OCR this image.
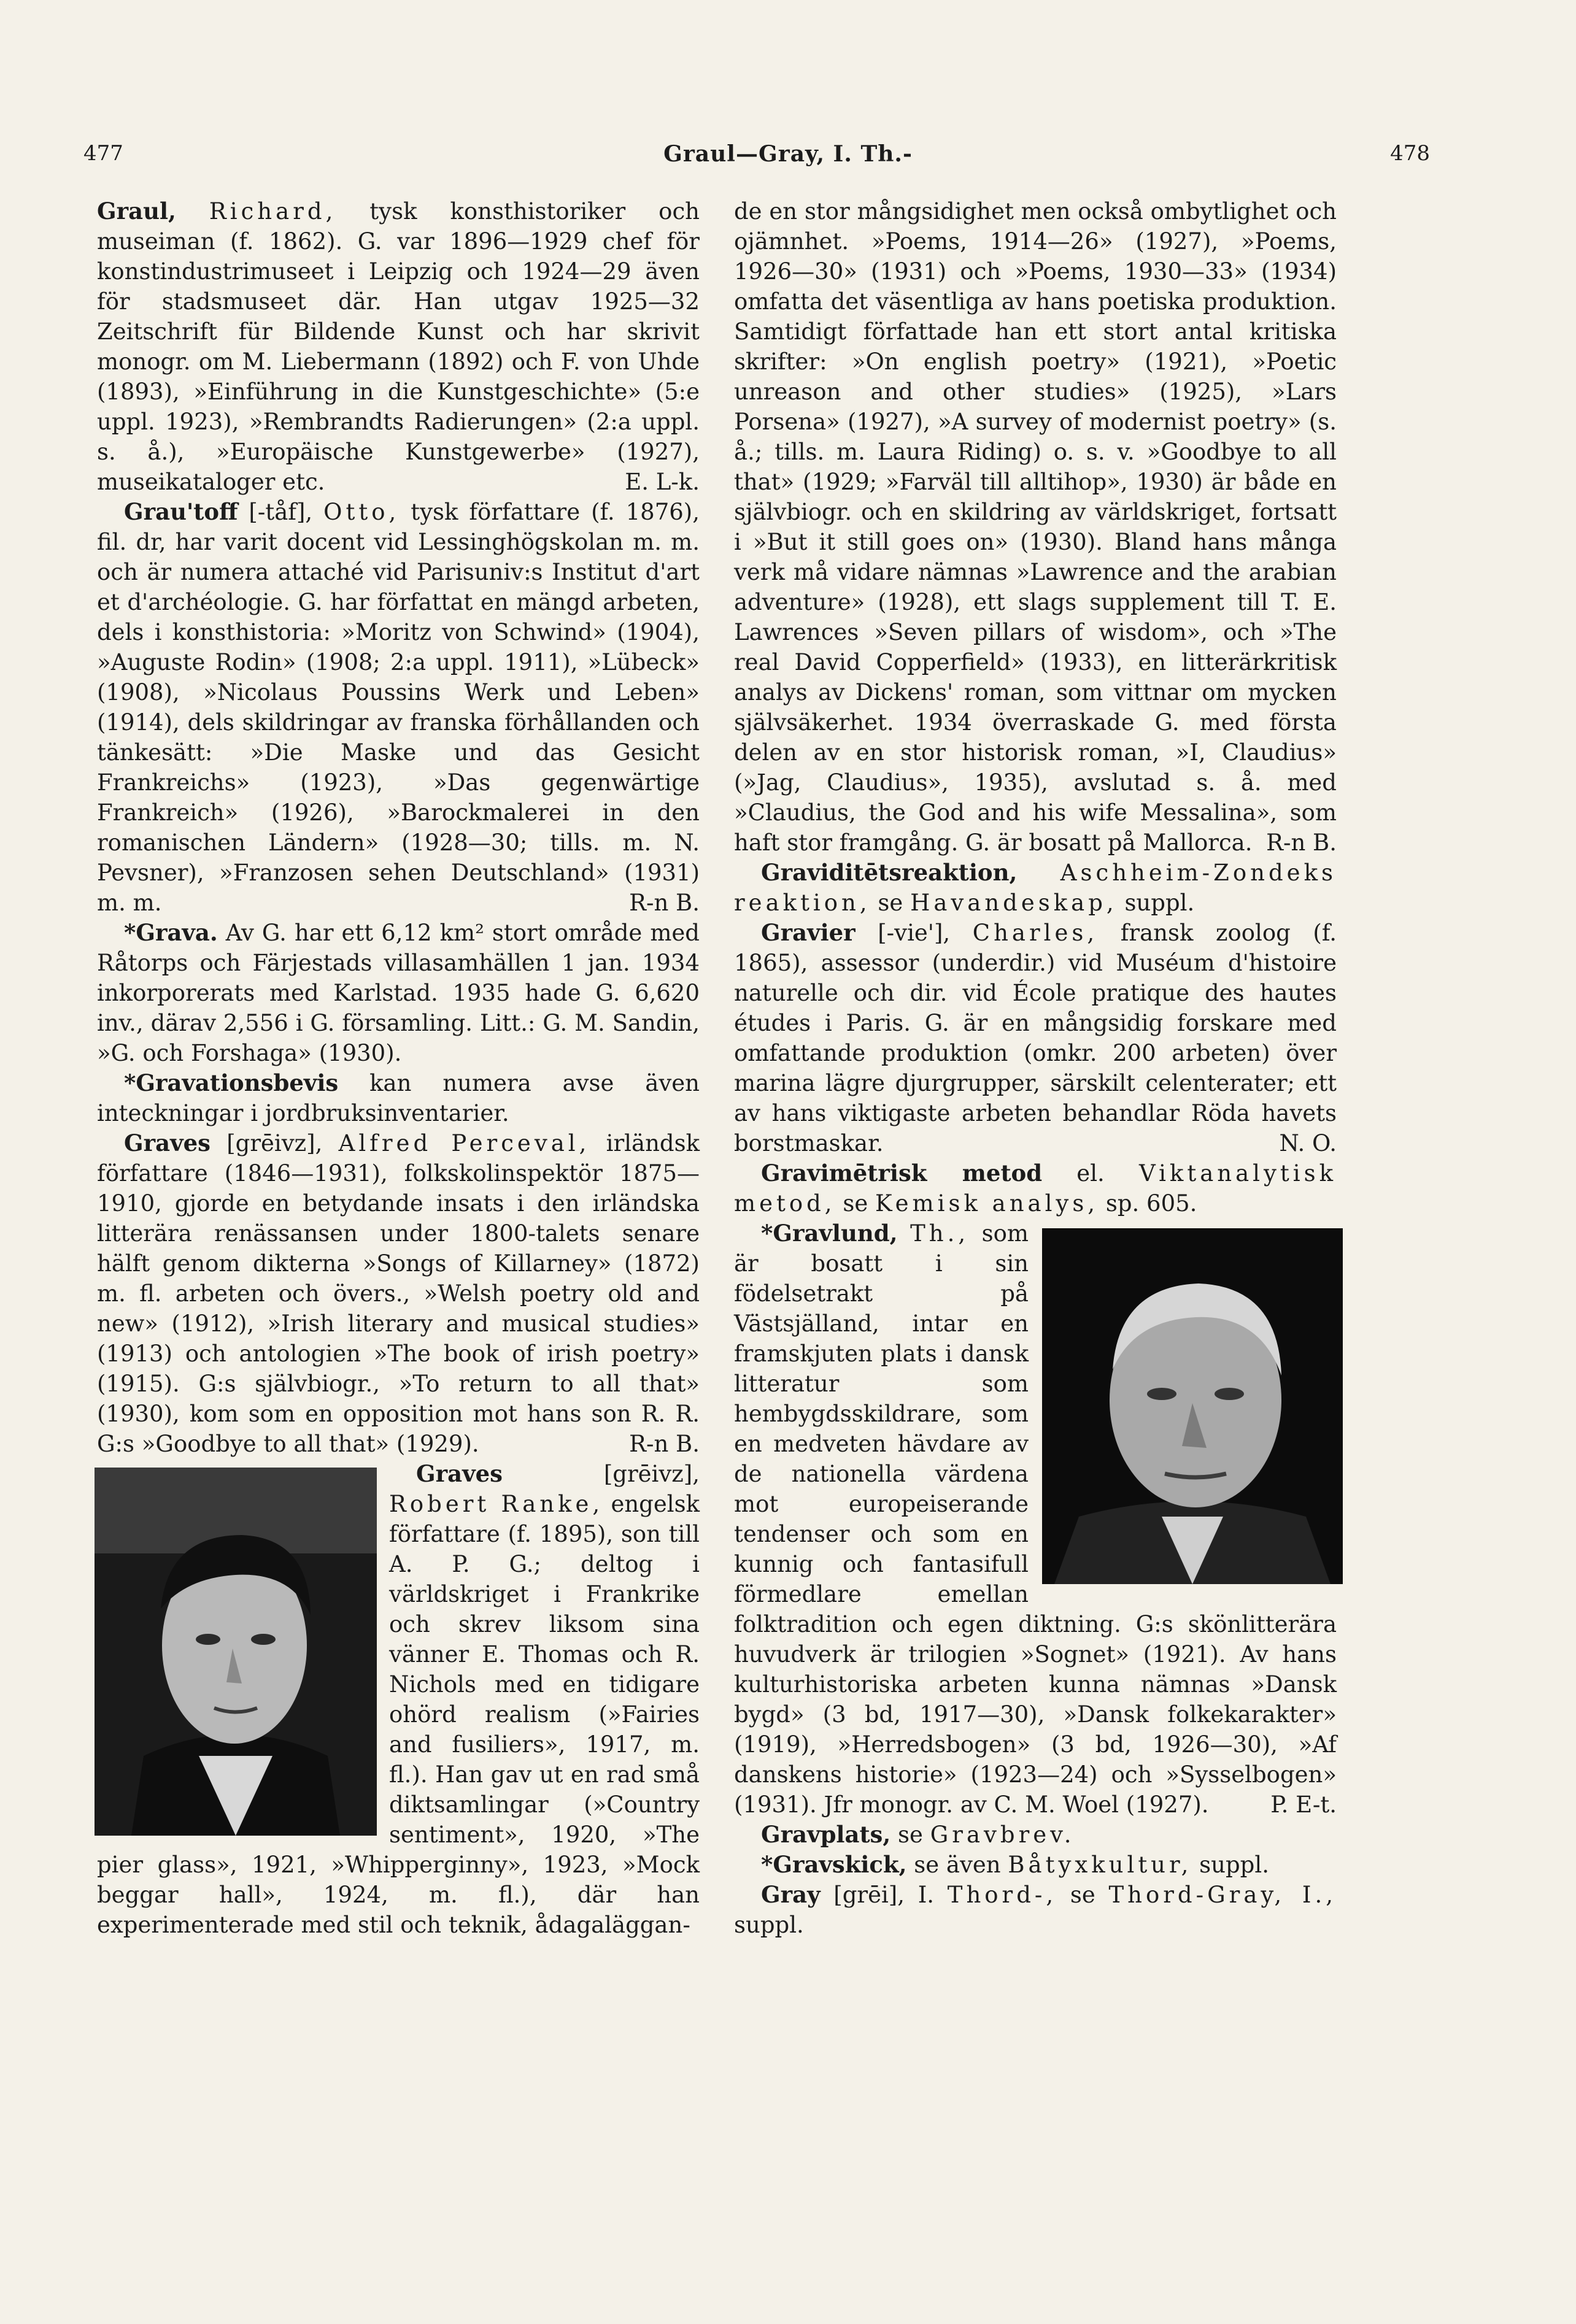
477	Graul—Gray, I. Th.-	478

Graul, Richard, tysk konsthistoriker och museiman (f. 1862). G. var 1896—1929 chef för konstindustrimuseet i Leipzig och 1924—29 även för stadsmuseet där. Han utgav 1925—32 Zeitschrift für Bildende Kunst och har skrivit monogr. om M. Liebermann (1892) och F. von Uhde (1893), »Einführung in die Kunstgeschichte» (5:e uppl. 1923), »Rembrandts Radierungen» (2:a uppl. s. å.), »Europäische Kunstgewerbe» (1927), museikataloger etc.	E. L-k.

Grau'toff [-tåf], Otto, tysk författare (f. 1876), fil. dr, har varit docent vid Lessinghögskolan m. m. och är numera attaché vid Parisuniv:s Institut d'art et d'archéologie. G. har författat en mängd arbeten, dels i konsthistoria: »Moritz von Schwind» (1904), »Auguste Rodin» (1908; 2:a uppl. 1911), »Lübeck» (1908), »Nicolaus Poussins Werk und Leben» (1914), dels skildringar av franska förhållanden och tänkesätt: »Die Maske und das Gesicht Frankreichs» (1923), »Das gegenwärtige Frankreich» (1926), »Barockmalerei in den romanischen Ländern» (1928—30; tills. m. N. Pevsner), »Franzosen sehen Deutschland» (1931) m. m.	R-n B.

*Grava. Av G. har ett 6,12 km² stort område med Råtorps och Färjestads villasamhällen 1 jan. 1934 inkorporerats med Karlstad. 1935 hade G. 6,620 inv., därav 2,556 i G. församling. Litt.: G. M. Sandin, »G. och Forshaga» (1930).

*Gravationsbevis kan numera avse även inteckningar i jordbruksinventarier.

Graves [grēivz], Alfred Perceval, irländsk författare (1846—1931), folkskolinspektör 1875—1910, gjorde en betydande insats i den irländska litterära renässansen under 1800-talets senare hälft genom dikterna »Songs of Killarney» (1872) m. fl. arbeten och övers., »Welsh poetry old and new» (1912), »Irish literary and musical studies» (1913) och antologien »The book of irish poetry» (1915). G:s självbiogr., »To return to all that» (1930), kom som en opposition mot hans son R. R. G:s »Goodbye to all that» (1929).	R-n B.

Graves [grēivz], Robert Ranke, engelsk författare (f. 1895), son till A. P. G.; deltog i världskriget i Frankrike och skrev liksom sina vänner E. Thomas och R. Nichols med en tidigare ohörd realism (»Fairies and fusiliers», 1917, m. fl.). Han gav ut en rad små diktsamlingar (»Country sentiment», 1920, »The pier glass», 1921, »Whipperginny», 1923, »Mock beggar hall», 1924, m. fl.), där han experimenterade med stil och teknik, ådagaläggan-

de en stor mångsidighet men också ombytlighet och ojämnhet. »Poems, 1914—26» (1927), »Poems, 1926—30» (1931) och »Poems, 1930—33» (1934) omfatta det väsentliga av hans poetiska produktion. Samtidigt författade han ett stort antal kritiska skrifter: »On english poetry» (1921), »Poetic unreason and other studies» (1925), »Lars Porsena» (1927), »A survey of modernist poetry» (s. å.; tills. m. Laura Riding) o. s. v. »Goodbye to all that» (1929; »Farväl till alltihop», 1930) är både en självbiogr. och en skildring av världskriget, fortsatt i »But it still goes on» (1930). Bland hans många verk må vidare nämnas »Lawrence and the arabian adventure» (1928), ett slags supplement till T. E. Lawrences »Seven pillars of wisdom», och »The real David Copperfield» (1933), en litterärkritisk analys av Dickens' roman, som vittnar om mycken självsäkerhet. 1934 överraskade G. med första delen av en stor historisk roman, »I, Claudius» (»Jag, Claudius», 1935), avslutad s. å. med »Claudius, the God and his wife Messalina», som haft stor framgång. G. är bosatt på Mallorca. R-n B.

Graviditētsreaktion, Aschheim-Zondeks reaktion, se Havandeskap, suppl.

Gravier [-vie'], Charles, fransk zoolog (f. 1865), assessor (underdir.) vid Muséum d'histoire naturelle och dir. vid École pratique des hautes études i Paris. G. är en mångsidig forskare med omfattande produktion (omkr. 200 arbeten) över marina lägre djurgrupper, särskilt celenterater; ett av hans viktigaste arbeten behandlar Röda havets borstmaskar.	N. O.

Gravimētrisk metod el. Viktanalytisk metod, se Kemisk analys, sp. 605.

*Gravlund, Th., som är bosatt i sin födelsetrakt på Västsjälland, intar en framskjuten plats i dansk litteratur som hembygdsskildrare, som en medveten hävdare av de nationella värdena mot europeiserande tendenser och som en kunnig och fantasifull förmedlare emellan folktradition och egen diktning. G:s skönlitterära huvudverk är trilogien »Sognet» (1921). Av hans kulturhistoriska arbeten kunna nämnas »Dansk bygd» (3 bd, 1917—30), »Dansk folkekarakter» (1919), »Herredsbogen» (3 bd, 1926—30), »Af danskens historie» (1923—24) och »Sysselbogen» (1931). Jfr monogr. av C. M. Woel (1927).	P. E-t.

Gravplats, se Gravbrev.

*Gravskick, se även Båtyxkultur, suppl.

Gray [grēi], I. Thord-, se Thord-Gray, I., suppl.
